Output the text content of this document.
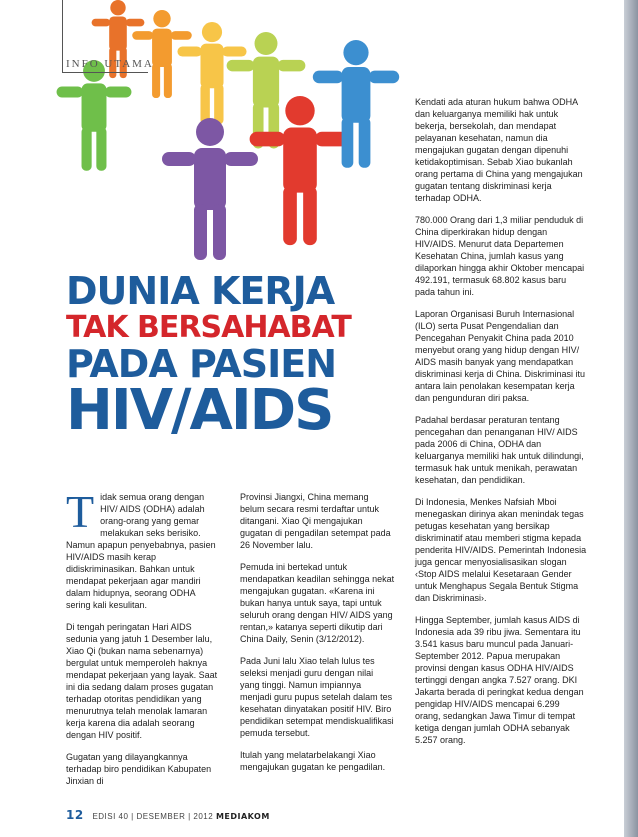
INFO UTAMA
DUNIA KERJA
TAK BERSAHABAT
PADA PASIEN
HIV/AIDS

T idak semua orang dengan HIV/ AIDS (ODHA) adalah orang-orang yang gemar melakukan seks berisiko. Namun apapun penyebabnya, pasien HIV/AIDS masih kerap didiskriminasikan. Bahkan untuk mendapat pekerjaan agar mandiri dalam hidupnya, seorang ODHA sering kali kesulitan.

Di tengah peringatan Hari AIDS sedunia yang jatuh 1 Desember lalu, Xiao Qi (bukan nama sebenarnya) bergulat untuk memperoleh haknya mendapat pekerjaan yang layak. Saat ini dia sedang dalam proses gugatan terhadap otoritas pendidikan yang menurutnya telah menolak lamaran kerja karena dia adalah seorang dengan HIV positif.

Gugatan yang dilayangkannya terhadap biro pendidikan Kabupaten Jinxian di

Provinsi Jiangxi, China memang belum secara resmi terdaftar untuk ditangani. Xiao Qi mengajukan gugatan di pengadilan setempat pada 26 November lalu.

Pemuda ini bertekad untuk mendapatkan keadilan sehingga nekat mengajukan gugatan. «Karena ini bukan hanya untuk saya, tapi untuk seluruh orang dengan HIV/ AIDS yang rentan,» katanya seperti dikutip dari China Daily, Senin (3/12/2012).

Pada Juni lalu Xiao telah lulus tes seleksi menjadi guru dengan nilai yang tinggi. Namun impiannya menjadi guru pupus setelah dalam tes kesehatan dinyatakan positif HIV. Biro pendidikan setempat mendiskualifikasi pemuda tersebut.

Itulah yang melatarbelakangi Xiao mengajukan gugatan ke pengadilan.

Kendati ada aturan hukum bahwa ODHA dan keluarganya memiliki hak untuk bekerja, bersekolah, dan mendapat pelayanan kesehatan, namun dia mengajukan gugatan dengan dipenuhi ketidakoptimisan. Sebab Xiao bukanlah orang pertama di China yang mengajukan gugatan tentang diskriminasi kerja terhadap ODHA.

780.000 Orang dari 1,3 miliar penduduk di China diperkirakan hidup dengan HIV/AIDS. Menurut data Departemen Kesehatan China, jumlah kasus yang dilaporkan hingga akhir Oktober mencapai 492.191, termasuk 68.802 kasus baru pada tahun ini.

Laporan Organisasi Buruh Internasional (ILO) serta Pusat Pengendalian dan Pencegahan Penyakit China pada 2010 menyebut orang yang hidup dengan HIV/ AIDS masih banyak yang mendapatkan diskriminasi kerja di China. Diskriminasi itu antara lain penolakan kesempatan kerja dan pengunduran diri paksa.

Padahal berdasar peraturan tentang pencegahan dan penanganan HIV/ AIDS pada 2006 di China, ODHA dan keluarganya memiliki hak untuk dilindungi, termasuk hak untuk menikah, perawatan kesehatan, dan pendidikan.

Di Indonesia, Menkes Nafsiah Mboi menegaskan dirinya akan menindak tegas petugas kesehatan yang bersikap diskriminatif atau memberi stigma kepada penderita HIV/AIDS. Pemerintah Indonesia juga gencar menyosialisasikan slogan ‹Stop AIDS melalui Kesetaraan Gender untuk Menghapus Segala Bentuk Stigma dan Diskriminasi›.

Hingga September, jumlah kasus AIDS di Indonesia ada 39 ribu jiwa. Sementara itu 3.541 kasus baru muncul pada Januari-September 2012. Papua merupakan provinsi dengan kasus ODHA HIV/AIDS tertinggi dengan angka 7.527 orang. DKI Jakarta berada di peringkat kedua dengan pengidap HIV/AIDS mencapai 6.299 orang, sedangkan Jawa Timur di tempat ketiga dengan jumlah ODHA sebanyak 5.257 orang.

12 EDISI 40 | DESEMBER | 2012 MEDIAKOM
